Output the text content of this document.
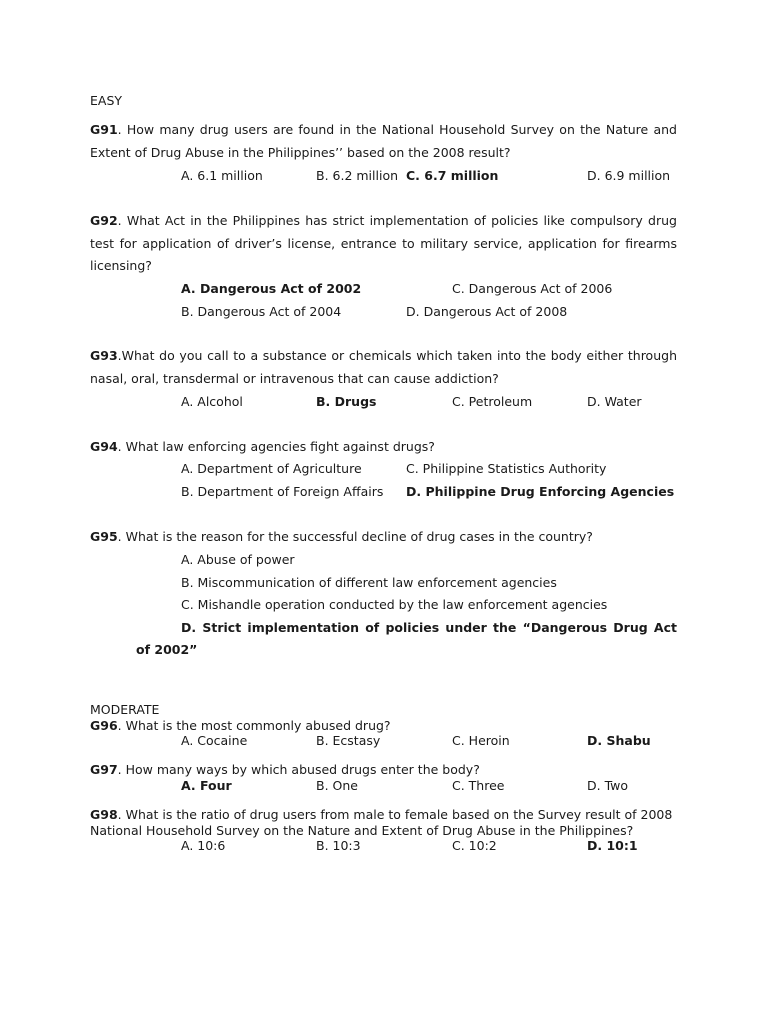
EASY
G91. How many drug users are found in the National Household Survey on the Nature and
Extent of Drug Abuse in the Philippines’’ based on the 2008 result?
A. 6.1 million	B. 6.2 million C. 6.7 million	D. 6.9 million
G92. What Act in the Philippines has strict implementation of policies like compulsory drug
test for application of driver’s license, entrance to military service, application for firearms
licensing?
A. Dangerous Act of 2002	C. Dangerous Act of 2006
B. Dangerous Act of 2004	D. Dangerous Act of 2008
G93.What do you call to a substance or chemicals which taken into the body either through
nasal, oral, transdermal or intravenous that can cause addiction?
A. Alcohol	B. Drugs	C. Petroleum	D. Water
G94. What law enforcing agencies fight against drugs?
A. Department of Agriculture	C. Philippine Statistics Authority
B. Department of Foreign Affairs D. Philippine Drug Enforcing Agencies
G95. What is the reason for the successful decline of drug cases in the country?
A. Abuse of power
B. Miscommunication of different law enforcement agencies
C. Mishandle operation conducted by the law enforcement agencies
D. Strict implementation of policies under the “Dangerous Drug Act
of 2002”
MODERATE
G96. What is the most commonly abused drug?
A. Cocaine	B. Ecstasy	C. Heroin	D. Shabu
G97. How many ways by which abused drugs enter the body?
A. Four	B. One	C. Three	D. Two
G98. What is the ratio of drug users from male to female based on the Survey result of 2008
National Household Survey on the Nature and Extent of Drug Abuse in the Philippines?
A. 10:6	B. 10:3	C. 10:2	D. 10:1
